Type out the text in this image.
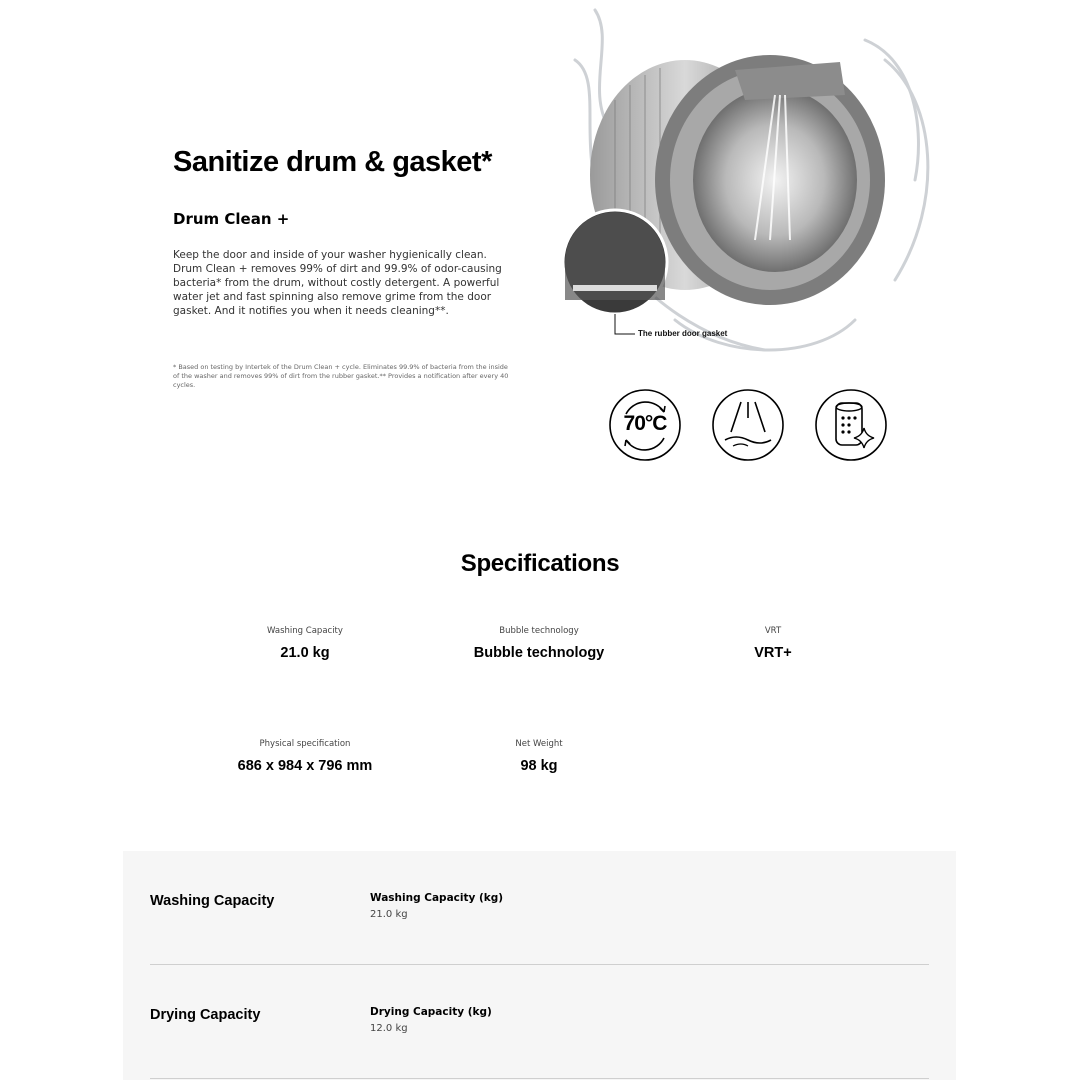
Sanitize drum & gasket*
Drum Clean +

Keep the door and inside of your washer hygienically clean. Drum Clean + removes 99% of dirt and 99.9% of odor-causing bacteria* from the drum, without costly detergent. A powerful water jet and fast spinning also remove grime from the door gasket. And it notifies you when it needs cleaning**.

* Based on testing by Intertek of the Drum Clean + cycle. Eliminates 99.9% of bacteria from the inside of the washer and removes 99% of dirt from the rubber gasket.** Provides a notification after every 40 cycles.

The rubber door gasket
70°C
Specifications
Washing Capacity
21.0 kg
Bubble technology
Bubble technology
VRT
VRT+
Physical specification
686 x 984 x 796 mm
Net Weight
98 kg
Washing Capacity	Washing Capacity (kg)
21.0 kg
Drying Capacity	Drying Capacity (kg)
12.0 kg
